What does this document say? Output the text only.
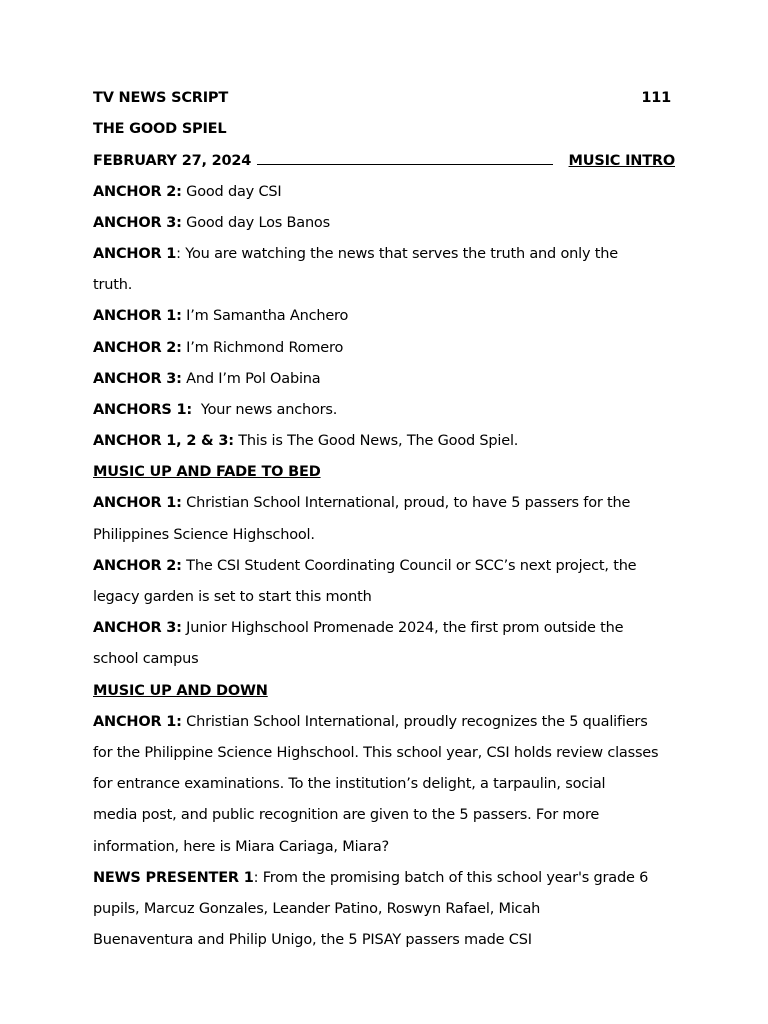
TV NEWS SCRIPT	111
THE GOOD SPIEL
FEBRUARY 27, 2024	MUSIC INTRO
ANCHOR 2: Good day CSI
ANCHOR 3: Good day Los Banos
ANCHOR 1: You are watching the news that serves the truth and only the
truth.
ANCHOR 1: I’m Samantha Anchero
ANCHOR 2: I’m Richmond Romero
ANCHOR 3: And I’m Pol Oabina
ANCHORS 1:  Your news anchors.
ANCHOR 1, 2 & 3: This is The Good News, The Good Spiel.
MUSIC UP AND FADE TO BED
ANCHOR 1: Christian School International, proud, to have 5 passers for the
Philippines Science Highschool.
ANCHOR 2: The CSI Student Coordinating Council or SCC’s next project, the
legacy garden is set to start this month
ANCHOR 3: Junior Highschool Promenade 2024, the first prom outside the
school campus
MUSIC UP AND DOWN
ANCHOR 1: Christian School International, proudly recognizes the 5 qualifiers
for the Philippine Science Highschool. This school year, CSI holds review classes
for entrance examinations. To the institution’s delight, a tarpaulin, social
media post, and public recognition are given to the 5 passers. For more
information, here is Miara Cariaga, Miara?
NEWS PRESENTER 1: From the promising batch of this school year's grade 6
pupils, Marcuz Gonzales, Leander Patino, Roswyn Rafael, Micah
Buenaventura and Philip Unigo, the 5 PISAY passers made CSI
